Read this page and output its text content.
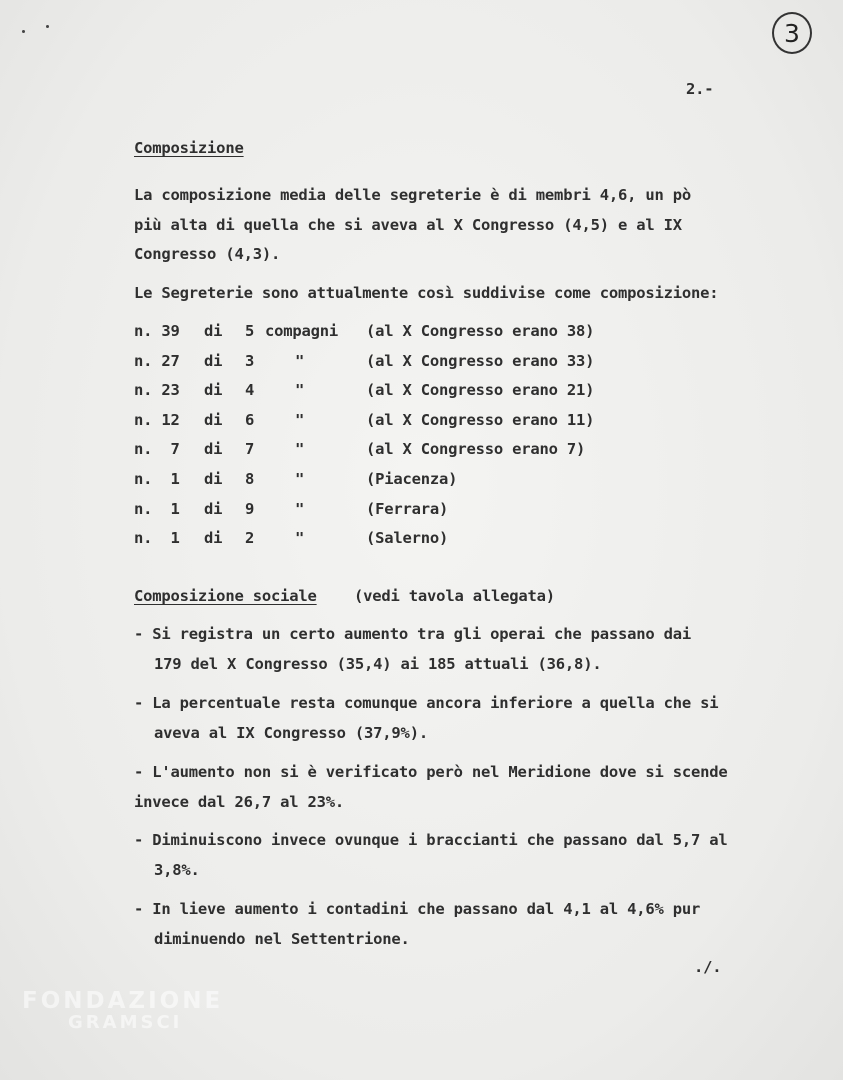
3
2.-
Composizione
La composizione media delle segreterie è di membri 4,6, un pò
più alta di quella che si aveva al X Congresso (4,5) e al IX
Congresso (4,3).
Le Segreterie sono attualmente così suddivise come composizione:
n. 39 di 5 compagni (al X Congresso erano 38)
n. 27 di 3	"	(al X Congresso erano 33)
n. 23 di 4	"	(al X Congresso erano 21)
n. 12 di 6	"	(al X Congresso erano 11)
n.  7 di 7	"	(al X Congresso erano 7)
n.  1 di 8	"	(Piacenza)
n.  1 di 9	"	(Ferrara)
n.  1 di 2	"	(Salerno)
Composizione sociale (vedi tavola allegata)
- Si registra un certo aumento tra gli operai che passano dai
179 del X Congresso (35,4) ai 185 attuali (36,8).
- La percentuale resta comunque ancora inferiore a quella che si
aveva al IX Congresso (37,9%).
- L'aumento non si è verificato però nel Meridione dove si scende
invece dal 26,7 al 23%.
- Diminuiscono invece ovunque i braccianti che passano dal 5,7 al
3,8%.
- In lieve aumento i contadini che passano dal 4,1 al 4,6% pur
diminuendo nel Settentrione.
./.
FONDAZIONE
GRAMSCI
